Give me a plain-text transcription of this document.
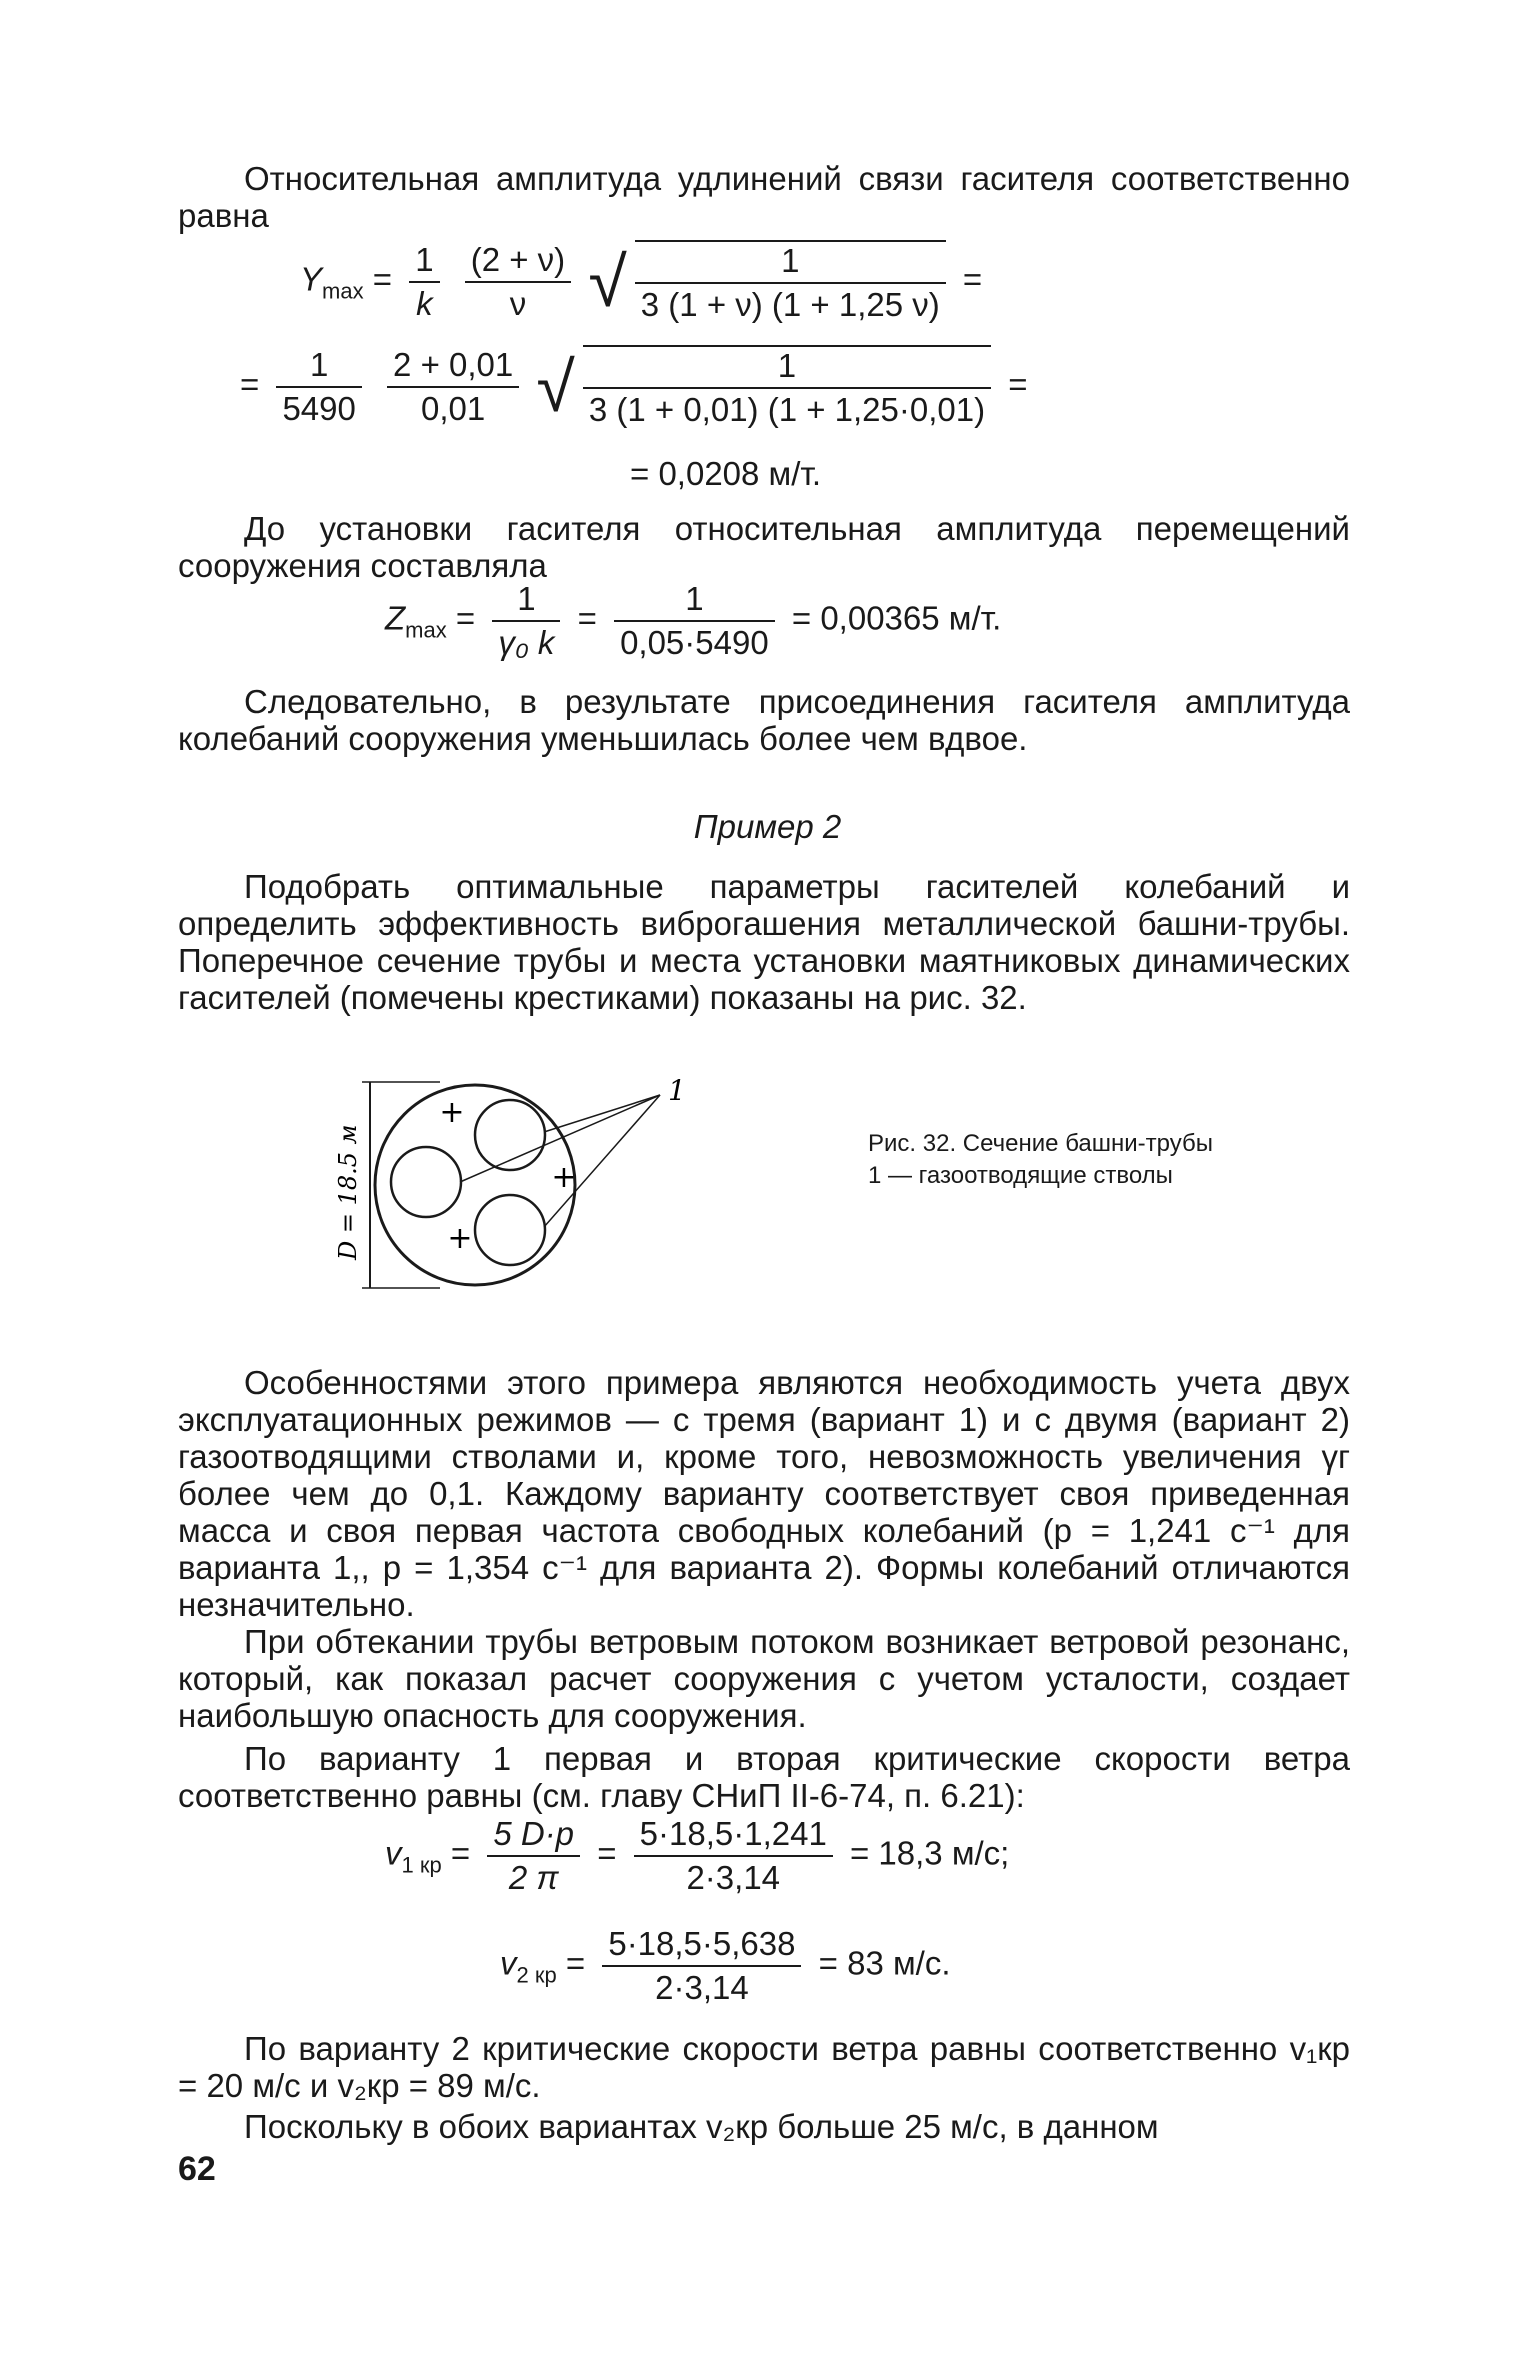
Относительная амплитуда удлинений связи гасителя соответственно равна
$Y_{max} = \frac{1}{k}$
$\frac{(2 + \nu)}{\nu}$ √ $\frac{1}{3 (1 + \nu) (1 + 1,25 \nu)}$ =
= $\frac{1}{5490}$
$\frac{2 + 0,01}{0,01}$ √ $\frac{1}{3 (1 + 0,01) (1 + 1,25\cdot 0,01)}$ =
= 0,0208 м/т.
До установки гасителя относительная амплитуда перемещений сооружения составляла
$Z_{max} = \frac{1}{\text{γ₀ k}} = \frac{1}{0,05\cdot 5490} = 0,00365$ м/т.
Следовательно, в результате присоединения гасителя амплитуда колебаний сооружения уменьшилась более чем вдвое.
Пример 2
Подобрать оптимальные параметры гасителей колебаний и определить эффективность виброгашения металлической башни-трубы. Поперечное сечение трубы и места установки маятниковых динамических гасителей (помечены крестиками) показаны на рис. 32.
+
+
+
1
D = 18.5 м	Рис. 32. Сечение башни-трубы
1 — газоотводящие стволы
Особенностями этого примера являются необходимость учета двух эксплуатационных режимов — с тремя (вариант 1) и с двумя (вариант 2) газоотводящими стволами и, кроме того, невозможность увеличения γг более чем до 0,1. Каждому варианту соответствует своя приведенная масса и своя первая частота свободных колебаний (p = 1,241 с⁻¹ для варианта 1,, p = 1,354 с⁻¹ для варианта 2). Формы колебаний отличаются незначительно.
При обтекании трубы ветровым потоком возникает ветровой резонанс, который, как показал расчет сооружения с учетом усталости, создает наибольшую опасность для сооружения.
По варианту 1 первая и вторая критические скорости ветра соответственно равны (см. главу СНиП II-6-74, п. 6.21):
$v_{1 кр} = \frac{5 D\cdot p}{2 \pi} = \frac{5\cdot 18,5\cdot 1,241}{2\cdot 3,14} = 18,3$ м/с;
$v_{2 кр} = \frac{5\cdot 18,5\cdot 5,638}{2\cdot 3,14} = 83$ м/с.
По варианту 2 критические скорости ветра равны соответственно v₁кр = 20 м/с и v₂кр = 89 м/с.
Поскольку в обоих вариантах v₂кр больше 25 м/с, в данном
62
